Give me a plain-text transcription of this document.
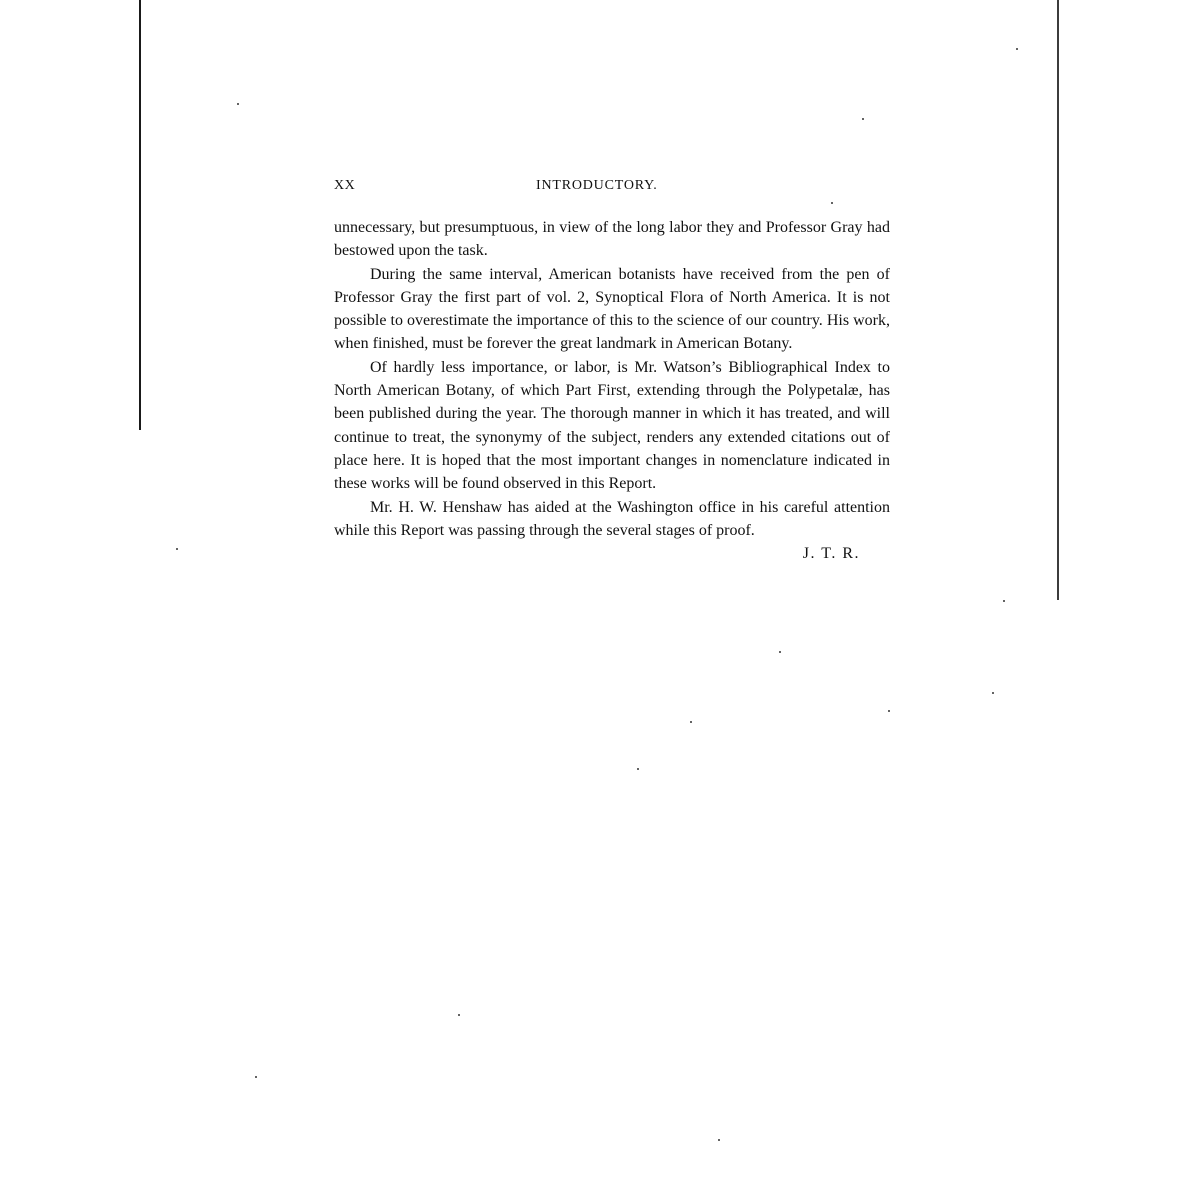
XX	INTRODUCTORY.

unnecessary, but presumptuous, in view of the long labor they and Professor Gray had bestowed upon the task.

During the same interval, American botanists have received from the pen of Professor Gray the first part of vol. 2, Synoptical Flora of North America. It is not possible to overestimate the importance of this to the science of our country. His work, when finished, must be forever the great landmark in American Botany.

Of hardly less importance, or labor, is Mr. Watson’s Bibliographical Index to North American Botany, of which Part First, extending through the Polypetalæ, has been published during the year. The thorough manner in which it has treated, and will continue to treat, the synonymy of the subject, renders any extended citations out of place here. It is hoped that the most important changes in nomenclature indicated in these works will be found observed in this Report.

Mr. H. W. Henshaw has aided at the Washington office in his careful attention while this Report was passing through the several stages of proof.

J. T. R.
